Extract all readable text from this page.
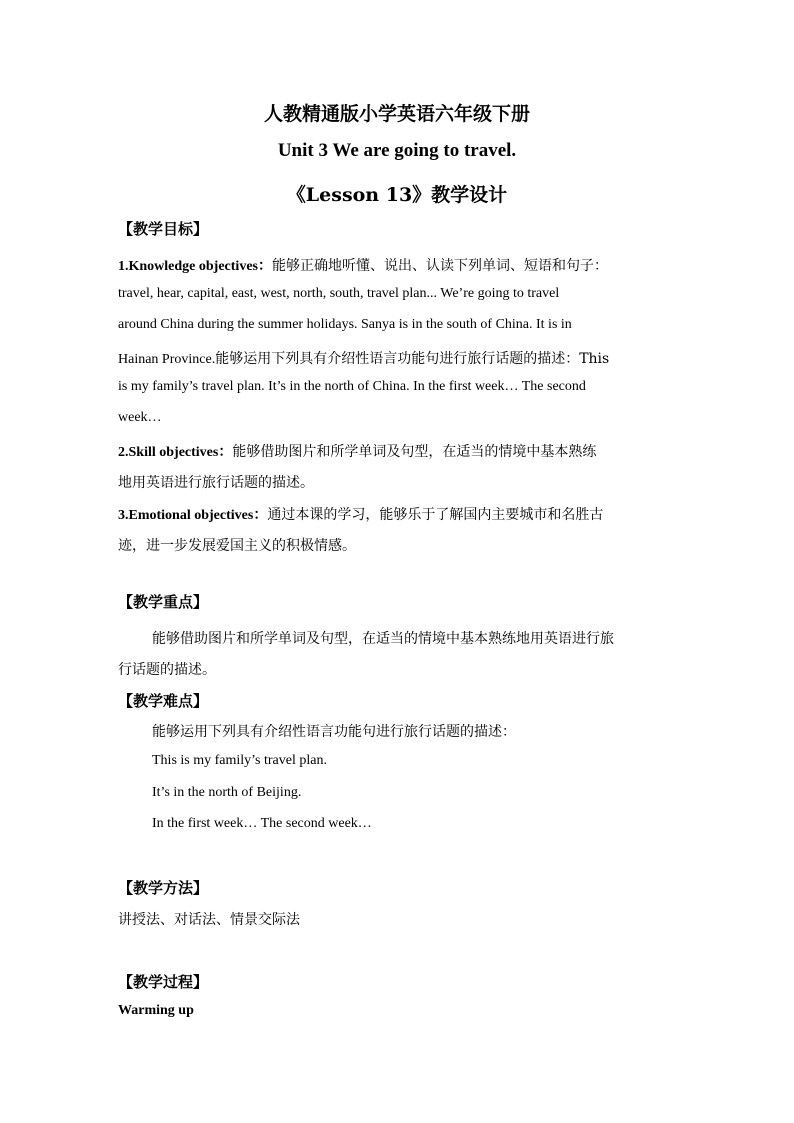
人教精通版小学英语六年级下册
Unit 3 We are going to travel.
《Lesson 13》教学设计
【教学目标】
1.Knowledge objectives：能够正确地听懂、说出、认读下列单词、短语和句子：
travel, hear, capital, east, west, north, south, travel plan... We’re going to travel
around China during the summer holidays. Sanya is in the south of China. It is in
Hainan Province.能够运用下列具有介绍性语言功能句进行旅行话题的描述：This
is my family’s travel plan. It’s in the north of China. In the first week… The second
week…
2.Skill objectives：能够借助图片和所学单词及句型，在适当的情境中基本熟练
地用英语进行旅行话题的描述。
3.Emotional objectives：通过本课的学习，能够乐于了解国内主要城市和名胜古
迹，进一步发展爱国主义的积极情感。
【教学重点】
能够借助图片和所学单词及句型，在适当的情境中基本熟练地用英语进行旅
行话题的描述。
【教学难点】
能够运用下列具有介绍性语言功能句进行旅行话题的描述：
This is my family’s travel plan.
It’s in the north of Beijing.
In the first week… The second week…
【教学方法】
讲授法、对话法、情景交际法
【教学过程】
Warming up
